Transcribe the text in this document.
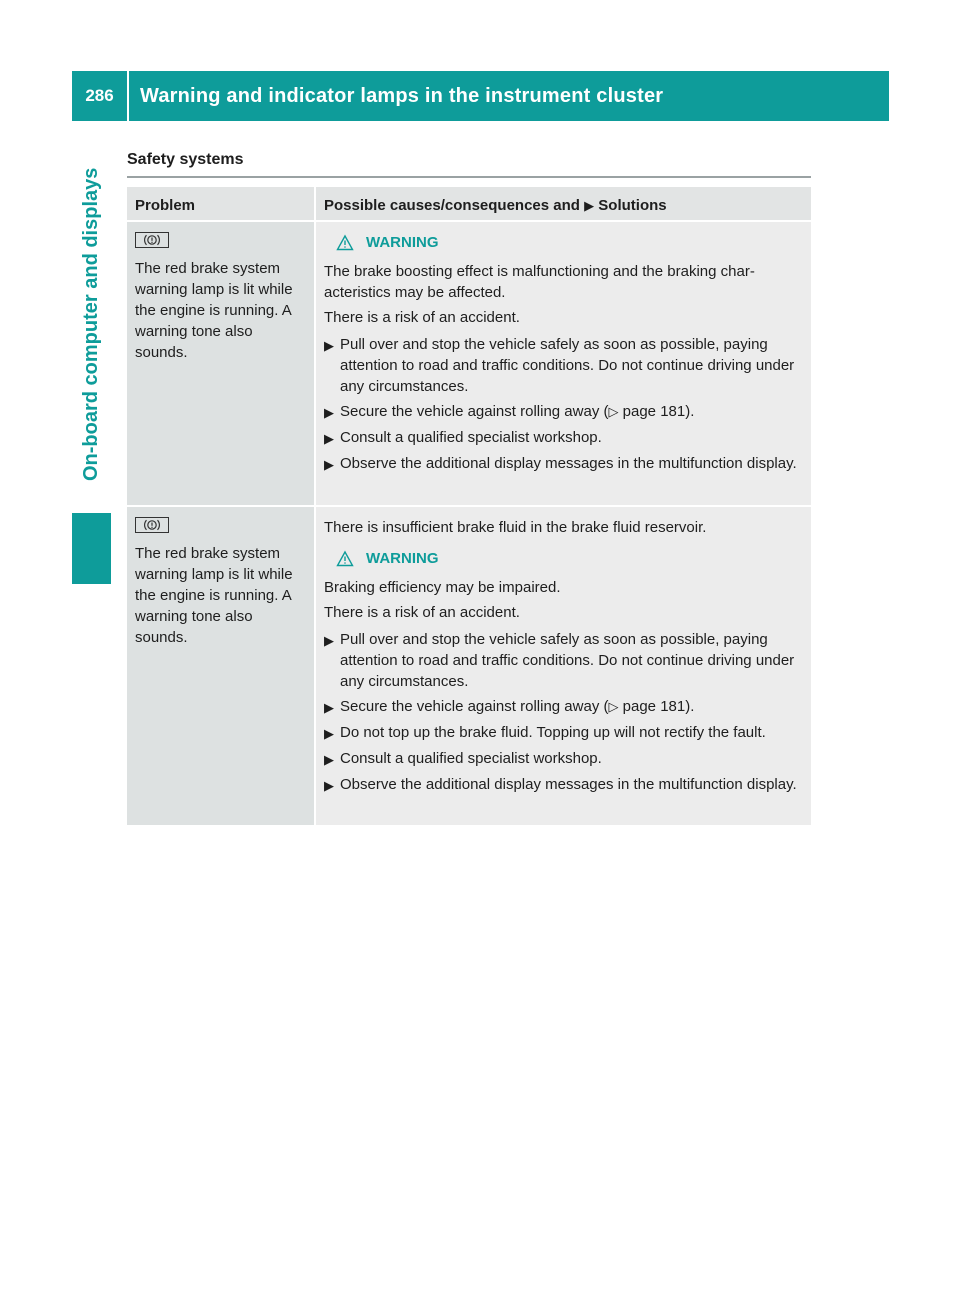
286	Warning and indicator lamps in the instrument cluster
On-board computer and displays
Safety systems
Problem	Possible causes/consequences and ▶ Solutions
The red brake system warning lamp is lit while the engine is running. A warning tone also sounds.
WARNING

The brake boosting effect is malfunctioning and the braking char-acteristics may be affected.

There is a risk of an accident.

▶ Pull over and stop the vehicle safely as soon as possible, paying attention to road and traffic conditions. Do not continue driving under any circumstances.
▶ Secure the vehicle against rolling away (▷ page 181).
▶ Consult a qualified specialist workshop.
▶ Observe the additional display messages in the multifunction display.
The red brake system warning lamp is lit while the engine is running. A warning tone also sounds.

There is insufficient brake fluid in the brake fluid reservoir.

WARNING

Braking efficiency may be impaired.

There is a risk of an accident.

▶ Pull over and stop the vehicle safely as soon as possible, paying attention to road and traffic conditions. Do not continue driving under any circumstances.
▶ Secure the vehicle against rolling away (▷ page 181).
▶ Do not top up the brake fluid. Topping up will not rectify the fault.
▶ Consult a qualified specialist workshop.
▶ Observe the additional display messages in the multifunction display.
